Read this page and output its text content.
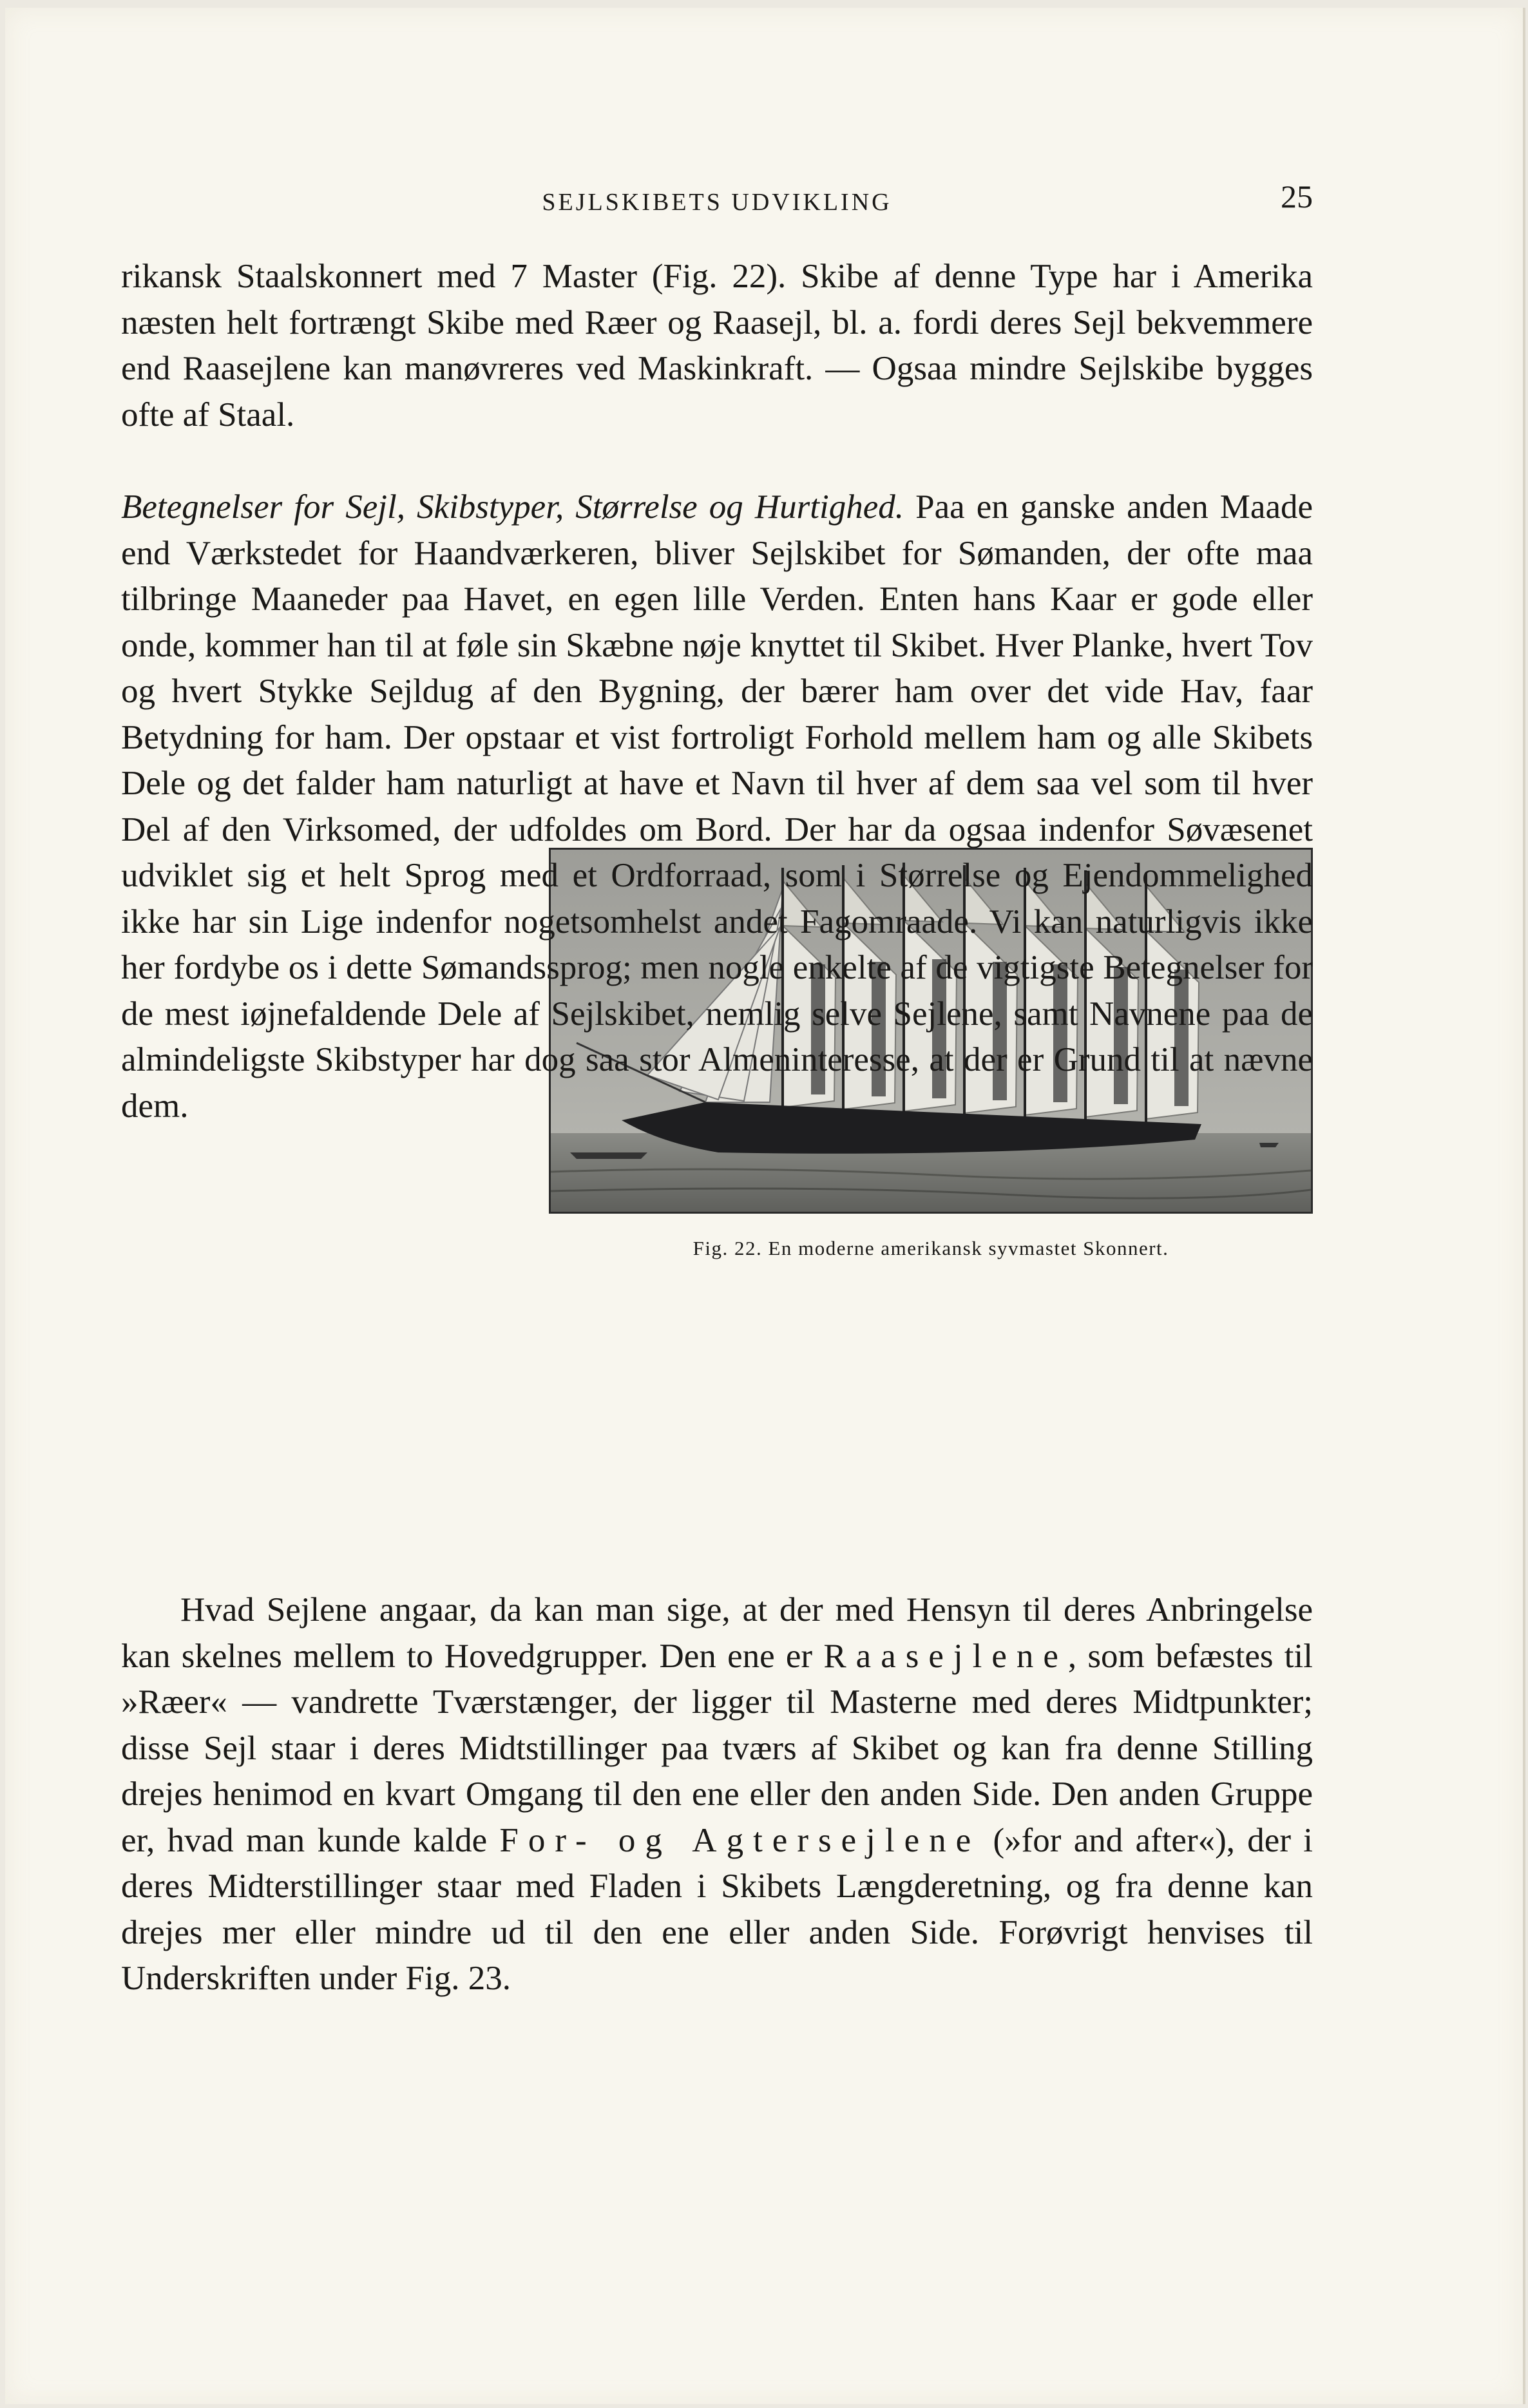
SEJLSKIBETS UDVIKLING	25

rikansk Staalskonnert med 7 Master (Fig. 22). Skibe af denne Type har i Amerika næsten helt fortrængt Skibe med Ræer og Raasejl, bl. a. fordi deres Sejl bekvemmere end Raasejlene kan manøvreres ved Maskinkraft. — Ogsaa mindre Sejlskibe bygges ofte af Staal.

Fig. 22. En moderne amerikansk syvmastet Skonnert.

Betegnelser for Sejl, Skibstyper, Størrelse og Hurtighed. Paa en ganske anden Maade end Værkstedet for Haandværkeren, bliver Sejlskibet for Sømanden, der ofte maa tilbringe Maaneder paa Havet, en egen lille Verden. Enten hans Kaar er gode eller onde, kommer han til at føle sin Skæbne nøje knyttet til Skibet. Hver Planke, hvert Tov og hvert Stykke Sejldug af den Bygning, der bærer ham over det vide Hav, faar Betydning for ham. Der opstaar et vist fortroligt Forhold mellem ham og alle Skibets Dele og det falder ham naturligt at have et Navn til hver af dem saa vel som til hver Del af den Virksomed, der udfoldes om Bord. Der har da ogsaa indenfor Søvæsenet udviklet sig et helt Sprog med et Ordforraad, som i Størrelse og Ejendommelighed ikke har sin Lige indenfor nogetsomhelst andet Fagomraade. Vi kan naturligvis ikke her fordybe os i dette Sømandssprog; men nogle enkelte af de vigtigste Betegnelser for de mest iøjnefaldende Dele af Sejlskibet, nemlig selve Sejlene, samt Navnene paa de almindeligste Skibstyper har dog saa stor Almeninteresse, at der er Grund til at nævne dem.

Hvad Sejlene angaar, da kan man sige, at der med Hensyn til deres Anbringelse kan skelnes mellem to Hovedgrupper. Den ene er Raasejlene, som befæstes til »Ræer« — vandrette Tværstænger, der ligger til Masterne med deres Midtpunkter; disse Sejl staar i deres Midtstillinger paa tværs af Skibet og kan fra denne Stilling drejes henimod en kvart Omgang til den ene eller den anden Side. Den anden Gruppe er, hvad man kunde kalde For- og Agtersejlene (»for and after«), der i deres Midterstillinger staar med Fladen i Skibets Længderetning, og fra denne kan drejes mer eller mindre ud til den ene eller anden Side. Forøvrigt henvises til Underskriften under Fig. 23.
